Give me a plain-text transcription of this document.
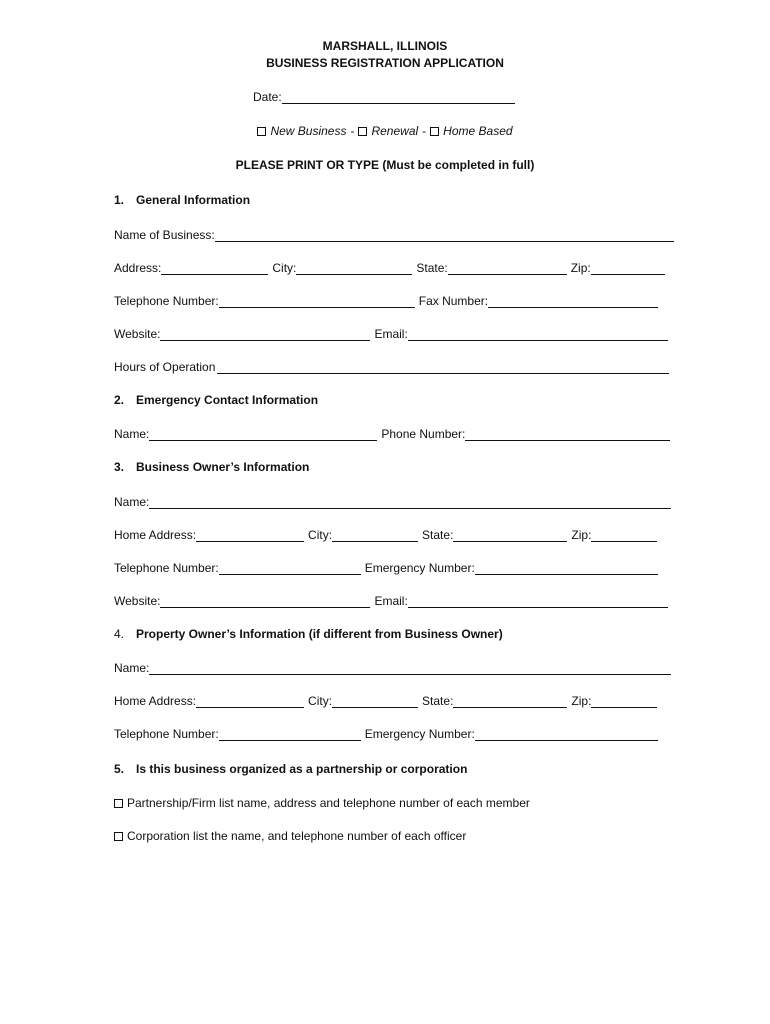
MARSHALL, ILLINOIS
BUSINESS REGISTRATION APPLICATION
Date:
New Business - Renewal - Home Based
PLEASE PRINT OR TYPE (Must be completed in full)
1. General Information
Name of Business:
Address:	City:	State:	Zip:
Telephone Number:	Fax Number:
Website:	Email:
Hours of Operation
2. Emergency Contact Information
Name:	Phone Number:
3. Business Owner’s Information
Name:
Home Address:	City:	State:	Zip:
Telephone Number:	Emergency Number:
Website:	Email:
4. Property Owner’s Information (if different from Business Owner)
Name:
Home Address:	City:	State:	Zip:
Telephone Number:	Emergency Number:
5. Is this business organized as a partnership or corporation
Partnership/Firm list name, address and telephone number of each member
Corporation list the name, and telephone number of each officer
